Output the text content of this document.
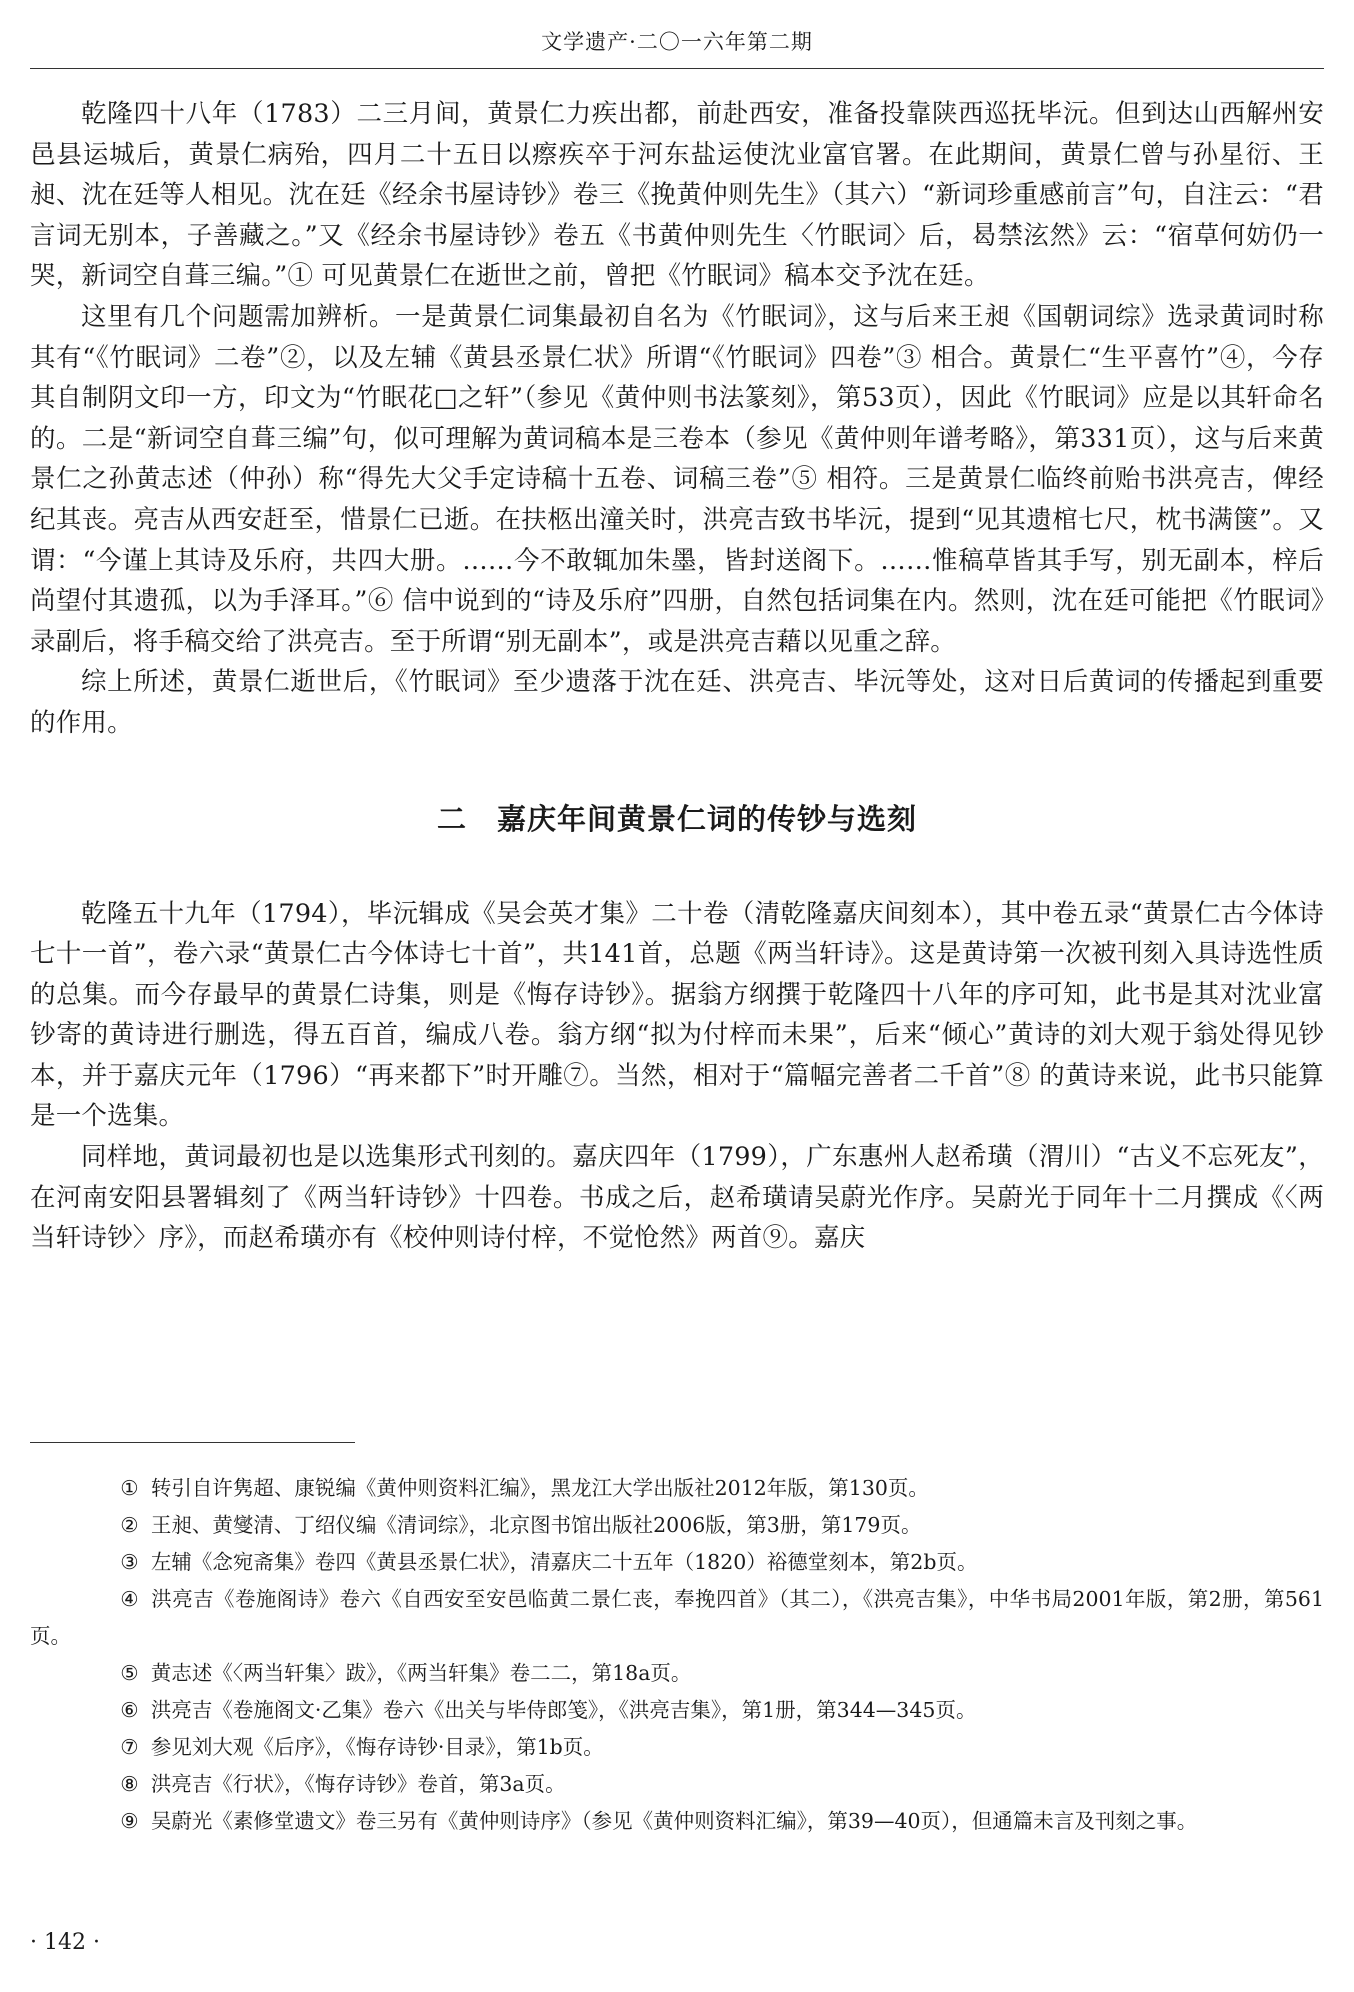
文学遗产·二〇一六年第二期

乾隆四十八年（1783）二三月间，黄景仁力疾出都，前赴西安，准备投靠陕西巡抚毕沅。但到达山西解州安邑县运城后，黄景仁病殆，四月二十五日以瘵疾卒于河东盐运使沈业富官署。在此期间，黄景仁曾与孙星衍、王昶、沈在廷等人相见。沈在廷《经余书屋诗钞》卷三《挽黄仲则先生》（其六）“新词珍重感前言”句，自注云：“君言词无别本，子善藏之。”又《经余书屋诗钞》卷五《书黄仲则先生〈竹眠词〉后，曷禁泫然》云：“宿草何妨仍一哭，新词空自葺三编。”① 可见黄景仁在逝世之前，曾把《竹眠词》稿本交予沈在廷。

这里有几个问题需加辨析。一是黄景仁词集最初自名为《竹眠词》，这与后来王昶《国朝词综》选录黄词时称其有“《竹眠词》二卷”②，以及左辅《黄县丞景仁状》所谓“《竹眠词》四卷”③ 相合。黄景仁“生平喜竹”④，今存其自制阴文印一方，印文为“竹眠花□之轩”（参见《黄仲则书法篆刻》，第53页），因此《竹眠词》应是以其轩命名的。二是“新词空自葺三编”句，似可理解为黄词稿本是三卷本（参见《黄仲则年谱考略》，第331页），这与后来黄景仁之孙黄志述（仲孙）称“得先大父手定诗稿十五卷、词稿三卷”⑤ 相符。三是黄景仁临终前贻书洪亮吉，俾经纪其丧。亮吉从西安赶至，惜景仁已逝。在扶柩出潼关时，洪亮吉致书毕沅，提到“见其遗棺七尺，枕书满箧”。又谓：“今谨上其诗及乐府，共四大册。……今不敢辄加朱墨，皆封送阁下。……惟稿草皆其手写，别无副本，梓后尚望付其遗孤，以为手泽耳。”⑥ 信中说到的“诗及乐府”四册，自然包括词集在内。然则，沈在廷可能把《竹眠词》录副后，将手稿交给了洪亮吉。至于所谓“别无副本”，或是洪亮吉藉以见重之辞。

综上所述，黄景仁逝世后，《竹眠词》至少遗落于沈在廷、洪亮吉、毕沅等处，这对日后黄词的传播起到重要的作用。

二　嘉庆年间黄景仁词的传钞与选刻

乾隆五十九年（1794），毕沅辑成《吴会英才集》二十卷（清乾隆嘉庆间刻本），其中卷五录“黄景仁古今体诗七十一首”，卷六录“黄景仁古今体诗七十首”，共141首，总题《两当轩诗》。这是黄诗第一次被刊刻入具诗选性质的总集。而今存最早的黄景仁诗集，则是《悔存诗钞》。据翁方纲撰于乾隆四十八年的序可知，此书是其对沈业富钞寄的黄诗进行删选，得五百首，编成八卷。翁方纲“拟为付梓而未果”，后来“倾心”黄诗的刘大观于翁处得见钞本，并于嘉庆元年（1796）“再来都下”时开雕⑦。当然，相对于“篇幅完善者二千首”⑧ 的黄诗来说，此书只能算是一个选集。

同样地，黄词最初也是以选集形式刊刻的。嘉庆四年（1799），广东惠州人赵希璜（渭川）“古义不忘死友”，在河南安阳县署辑刻了《两当轩诗钞》十四卷。书成之后，赵希璜请吴蔚光作序。吴蔚光于同年十二月撰成《〈两当轩诗钞〉序》，而赵希璜亦有《校仲则诗付梓，不觉怆然》两首⑨。嘉庆

① 转引自许隽超、康锐编《黄仲则资料汇编》，黑龙江大学出版社2012年版，第130页。

② 王昶、黄燮清、丁绍仪编《清词综》，北京图书馆出版社2006版，第3册，第179页。

③ 左辅《念宛斋集》卷四《黄县丞景仁状》，清嘉庆二十五年（1820）裕德堂刻本，第2b页。

④ 洪亮吉《卷施阁诗》卷六《自西安至安邑临黄二景仁丧，奉挽四首》（其二），《洪亮吉集》，中华书局2001年版，第2册，第561页。

⑤ 黄志述《〈两当轩集〉跋》，《两当轩集》卷二二，第18a页。

⑥ 洪亮吉《卷施阁文·乙集》卷六《出关与毕侍郎笺》，《洪亮吉集》，第1册，第344—345页。

⑦ 参见刘大观《后序》，《悔存诗钞·目录》，第1b页。

⑧ 洪亮吉《行状》，《悔存诗钞》卷首，第3a页。

⑨ 吴蔚光《素修堂遗文》卷三另有《黄仲则诗序》（参见《黄仲则资料汇编》，第39—40页），但通篇未言及刊刻之事。

· 142 ·
